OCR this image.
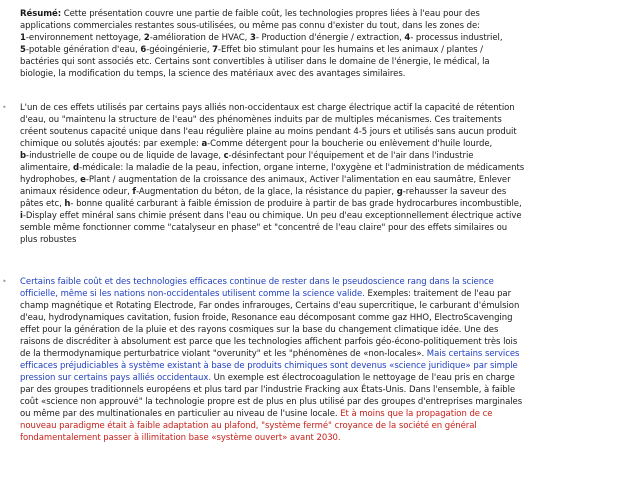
Résumé: Cette présentation couvre une partie de faible coût, les technologies propres liées à l'eau pour des
applications commerciales restantes sous-utilisées, ou même pas connu d'exister du tout, dans les zones de:
1-environnement nettoyage, 2-amélioration de HVAC, 3- Production d'énergie / extraction, 4- processus industriel,
5-potable génération d'eau, 6-géoingénierie, 7-Effet bio stimulant pour les humains et les animaux / plantes /
bactéries qui sont associés etc. Certains sont convertibles à utiliser dans le domaine de l'énergie, le médical, la
biologie, la modification du temps, la science des matériaux avec des avantages similaires.
•	L'un de ces effets utilisés par certains pays alliés non-occidentaux est charge électrique actif la capacité de rétention
d'eau, ou "maintenu la structure de l'eau" des phénomènes induits par de multiples mécanismes. Ces traitements
créent soutenus capacité unique dans l'eau régulière plaine au moins pendant 4-5 jours et utilisés sans aucun produit
chimique ou solutés ajoutés: par exemple: a-Comme détergent pour la boucherie ou enlèvement d'huile lourde,
b-industrielle de coupe ou de liquide de lavage, c-désinfectant pour l'équipement et de l'air dans l'industrie
alimentaire, d-médicale: la maladie de la peau, infection, organe interne, l'oxygène et l'administration de médicaments
hydrophobes, e-Plant / augmentation de la croissance des animaux, Activer l'alimentation en eau saumâtre, Enlever
animaux résidence odeur, f-Augmentation du béton, de la glace, la résistance du papier, g-rehausser la saveur des
pâtes etc, h- bonne qualité carburant à faible émission de produire à partir de bas grade hydrocarbures incombustible,
i-Display effet minéral sans chimie présent dans l'eau ou chimique. Un peu d'eau exceptionnellement électrique active
semble même fonctionner comme "catalyseur en phase" et "concentré de l'eau claire" pour des effets similaires ou
plus robustes
•	Certains faible coût et des technologies efficaces continue de rester dans le pseudoscience rang dans la science
officielle, même si les nations non-occidentales utilisent comme la science valide. Exemples: traitement de l'eau par
champ magnétique et Rotating Electrode, Far ondes infrarouges, Certains d'eau supercritique, le carburant d'émulsion
d'eau, hydrodynamiques cavitation, fusion froide, Resonance eau décomposant comme gaz HHO, ElectroScavenging
effet pour la génération de la pluie et des rayons cosmiques sur la base du changement climatique idée. Une des
raisons de discréditer à absolument est parce que les technologies affichent parfois géo-écono-politiquement très lois
de la thermodynamique perturbatrice violant "overunity" et les "phénomènes de «non-locales». Mais certains services
efficaces préjudiciables à système existant à base de produits chimiques sont devenus «science juridique» par simple
pression sur certains pays alliés occidentaux. Un exemple est électrocoagulation le nettoyage de l'eau pris en charge
par des groupes traditionnels européens et plus tard par l'industrie Fracking aux États-Unis. Dans l'ensemble, à faible
coût «science non approuvé" la technologie propre est de plus en plus utilisé par des groupes d'entreprises marginales
ou même par des multinationales en particulier au niveau de l'usine locale. Et à moins que la propagation de ce
nouveau paradigme était à faible adaptation au plafond, "système fermé" croyance de la société en général
fondamentalement passer à illimitation base «système ouvert» avant 2030.
